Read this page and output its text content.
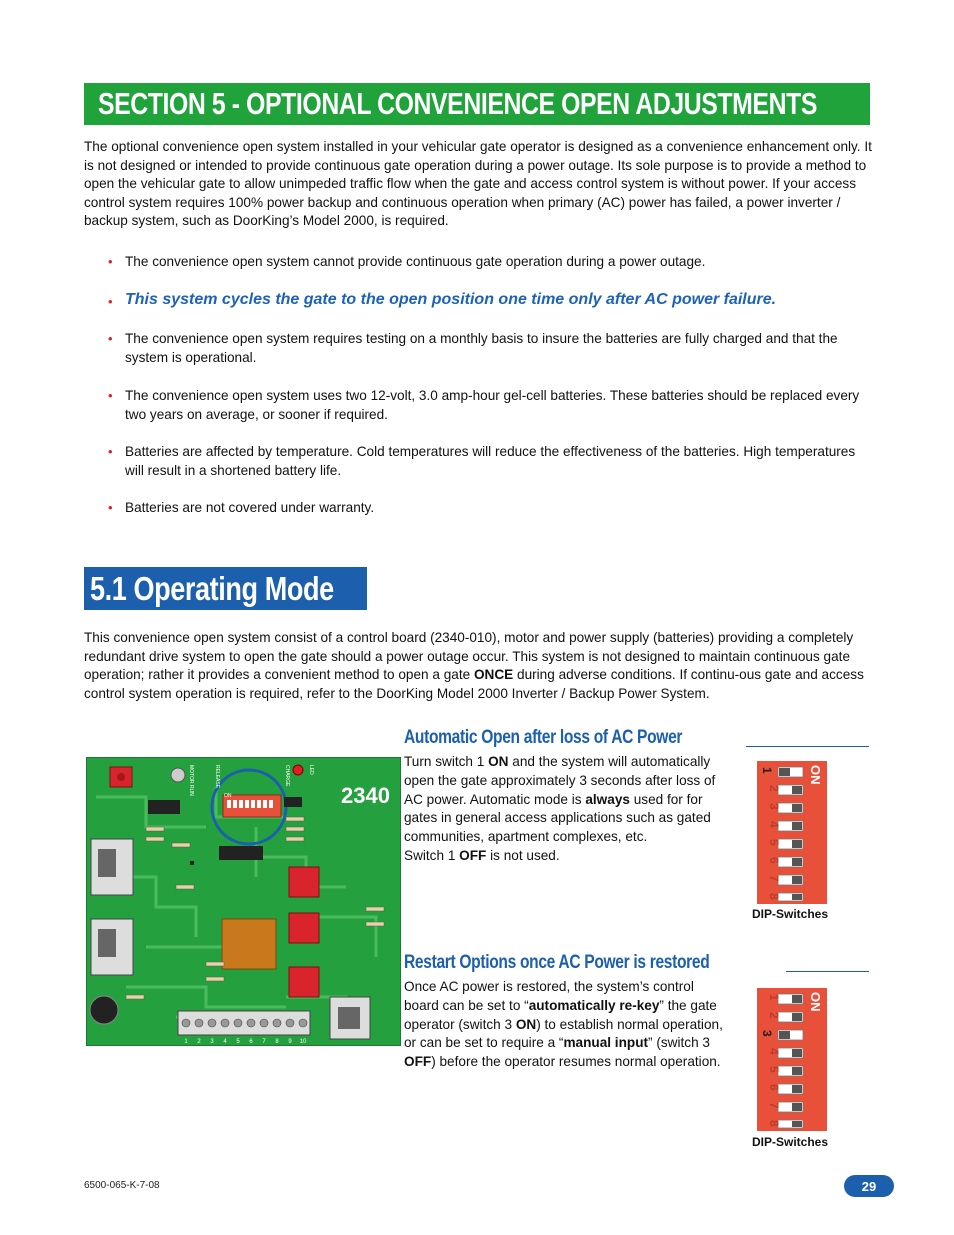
SECTION 5 - OPTIONAL CONVENIENCE OPEN ADJUSTMENTS
The optional convenience open system installed in your vehicular gate operator is designed as a convenience enhancement only. It is not designed or intended to provide continuous gate operation during a power outage. Its sole purpose is to provide a method to open the vehicular gate to allow unimpeded traffic flow when the gate and access control system is without power. If your access control system requires 100% power backup and continuous operation when primary (AC) power has failed, a power inverter / backup system, such as DoorKing’s Model 2000, is required.
• The convenience open system cannot provide continuous gate operation during a power outage.
• This system cycles the gate to the open position one time only after AC power failure.
• The convenience open system requires testing on a monthly basis to insure the batteries are fully charged and that the system is operational.
• The convenience open system uses two 12-volt, 3.0 amp-hour gel-cell batteries. These batteries should be replaced every two years on average, or sooner if required.
• Batteries are affected by temperature. Cold temperatures will reduce the effectiveness of the batteries. High temperatures will result in a shortened battery life.
• Batteries are not covered under warranty.
5.1 Operating Mode
This convenience open system consist of a control board (2340-010), motor and power supply (batteries) providing a completely redundant drive system to open the gate should a power outage occur. This system is not designed to maintain continuous gate operation; rather it provides a convenient method to open a gate ONCE during adverse conditions. If continu-ous gate and access control system operation is required, refer to the DoorKing Model 2000 Inverter / Backup Power System.
Automatic Open after loss of AC Power
Turn switch 1 ON and the system will automatically open the gate approximately 3 seconds after loss of AC power. Automatic mode is always used for for gates in general access applications such as gated communities, apartment complexes, etc.
Switch 1 OFF is not used.
Restart Options once AC Power is restored
Once AC power is restored, the system’s control board can be set to “automatically re-key” the gate operator (switch 3 ON) to establish normal operation, or can be set to require a “manual input” (switch 3 OFF) before the operator resumes normal operation.
1
2
3
4
5
6
7
8
ON
DIP-Switches
1
2
3
4
5
6
7
8
ON
DIP-Switches
1 2 3 4 5 6 7 8 9 10
MOTOR RUN	RELEASE	CHARGE	LED
ON	2340
6500-065-K-7-08	29
